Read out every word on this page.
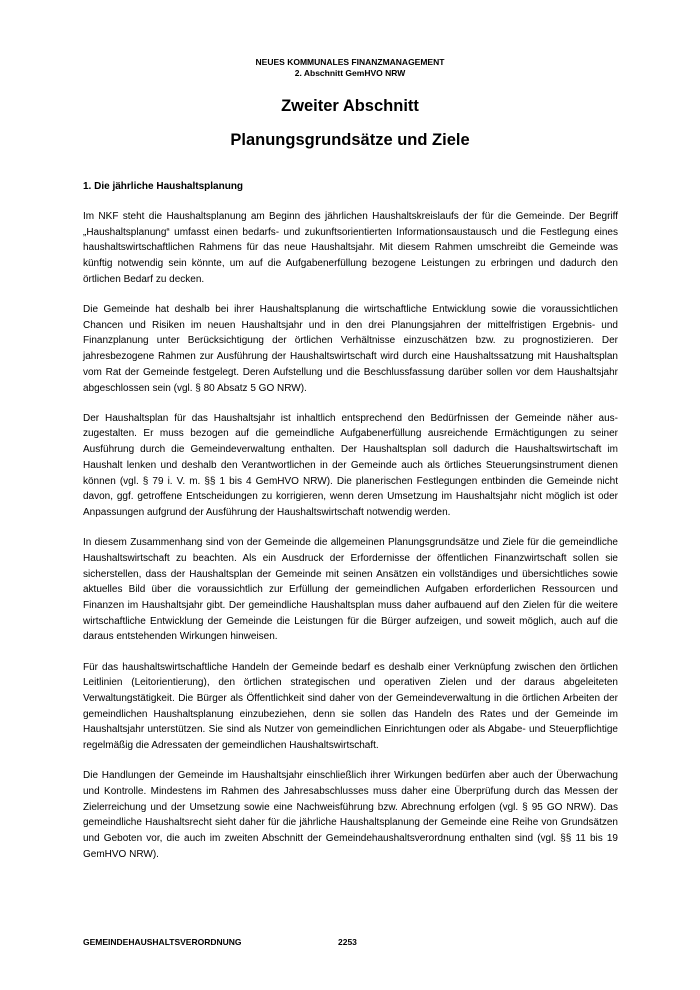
NEUES KOMMUNALES FINANZMANAGEMENT
2. Abschnitt GemHVO NRW
Zweiter Abschnitt
Planungsgrundsätze und Ziele
1. Die jährliche Haushaltsplanung

Im NKF steht die Haushaltsplanung am Beginn des jährlichen Haushaltskreislaufs der für die Gemeinde. Der Begriff „Haushaltsplanung“ umfasst einen bedarfs- und zukunftsorientierten Informationsaustausch und die Festlegung eines haushaltswirtschaftlichen Rahmens für das neue Haushaltsjahr. Mit diesem Rahmen umschreibt die Gemeinde was künftig notwendig sein könnte, um auf die Aufgabenerfüllung bezogene Leistungen zu erbringen und dadurch den örtlichen Bedarf zu decken.

Die Gemeinde hat deshalb bei ihrer Haushaltsplanung die wirtschaftliche Entwicklung sowie die voraussichtlichen Chancen und Risiken im neuen Haushaltsjahr und in den drei Planungsjahren der mittelfristigen Ergebnis- und Finanzplanung unter Berücksichtigung der örtlichen Verhältnisse einzuschätzen bzw. zu prognostizieren. Der jahresbezogene Rahmen zur Ausführung der Haushaltswirtschaft wird durch eine Haushaltssatzung mit Haushaltsplan vom Rat der Gemeinde festgelegt. Deren Aufstellung und die Beschlussfassung darüber sollen vor dem Haushaltsjahr abgeschlossen sein (vgl. § 80 Absatz 5 GO NRW).

Der Haushaltsplan für das Haushaltsjahr ist inhaltlich entsprechend den Bedürfnissen der Gemeinde näher auszugestalten. Er muss bezogen auf die gemeindliche Aufgabenerfüllung ausreichende Ermächtigungen zu seiner Ausführung durch die Gemeindeverwaltung enthalten. Der Haushaltsplan soll dadurch die Haushaltswirtschaft im Haushalt lenken und deshalb den Verantwortlichen in der Gemeinde auch als örtliches Steuerungsinstrument dienen können (vgl. § 79 i. V. m. §§ 1 bis 4 GemHVO NRW). Die planerischen Festlegungen entbinden die Gemeinde nicht davon, ggf. getroffene Entscheidungen zu korrigieren, wenn deren Umsetzung im Haushaltsjahr nicht möglich ist oder Anpassungen aufgrund der Ausführung der Haushaltswirtschaft notwendig werden.

In diesem Zusammenhang sind von der Gemeinde die allgemeinen Planungsgrundsätze und Ziele für die gemeindliche Haushaltswirtschaft zu beachten. Als ein Ausdruck der Erfordernisse der öffentlichen Finanzwirtschaft sollen sie sicherstellen, dass der Haushaltsplan der Gemeinde mit seinen Ansätzen ein vollständiges und übersichtliches sowie aktuelles Bild über die voraussichtlich zur Erfüllung der gemeindlichen Aufgaben erforderlichen Ressourcen und Finanzen im Haushaltsjahr gibt. Der gemeindliche Haushaltsplan muss daher aufbauend auf den Zielen für die weitere wirtschaftliche Entwicklung der Gemeinde die Leistungen für die Bürger aufzeigen, und soweit möglich, auch auf die daraus entstehenden Wirkungen hinweisen.

Für das haushaltswirtschaftliche Handeln der Gemeinde bedarf es deshalb einer Verknüpfung zwischen den örtlichen Leitlinien (Leitorientierung), den örtlichen strategischen und operativen Zielen und der daraus abgeleiteten Verwaltungstätigkeit. Die Bürger als Öffentlichkeit sind daher von der Gemeindeverwaltung in die örtlichen Arbeiten der gemeindlichen Haushaltsplanung einzubeziehen, denn sie sollen das Handeln des Rates und der Gemeinde im Haushaltsjahr unterstützen. Sie sind als Nutzer von gemeindlichen Einrichtungen oder als Abgabe- und Steuerpflichtige regelmäßig die Adressaten der gemeindlichen Haushaltswirtschaft.

Die Handlungen der Gemeinde im Haushaltsjahr einschließlich ihrer Wirkungen bedürfen aber auch der Überwachung und Kontrolle. Mindestens im Rahmen des Jahresabschlusses muss daher eine Überprüfung durch das Messen der Zielerreichung und der Umsetzung sowie eine Nachweisführung bzw. Abrechnung erfolgen (vgl. § 95 GO NRW). Das gemeindliche Haushaltsrecht sieht daher für die jährliche Haushaltsplanung der Gemeinde eine Reihe von Grundsätzen und Geboten vor, die auch im zweiten Abschnitt der Gemeindehaushaltsverordnung enthalten sind (vgl. §§ 11 bis 19 GemHVO NRW).

GEMEINDEHAUSHALTSVERORDNUNG	2253
